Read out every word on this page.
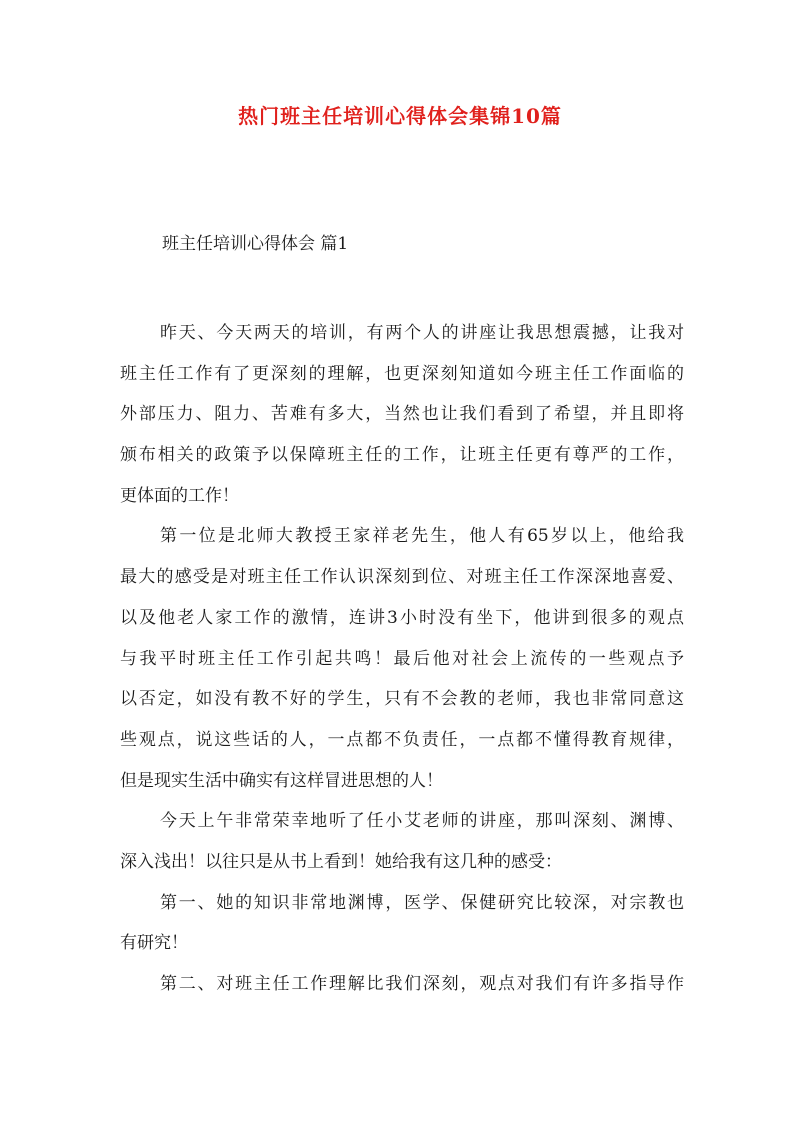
热门班主任培训心得体会集锦10篇
班主任培训心得体会 篇1
昨天、今天两天的培训，有两个人的讲座让我思想震撼，让我对
班主任工作有了更深刻的理解，也更深刻知道如今班主任工作面临的
外部压力、阻力、苦难有多大，当然也让我们看到了希望，并且即将
颁布相关的政策予以保障班主任的工作，让班主任更有尊严的工作，
更体面的工作！
第一位是北师大教授王家祥老先生，他人有65岁以上，他给我
最大的感受是对班主任工作认识深刻到位、对班主任工作深深地喜爱、
以及他老人家工作的激情，连讲3小时没有坐下，他讲到很多的观点
与我平时班主任工作引起共鸣！最后他对社会上流传的一些观点予
以否定，如没有教不好的学生，只有不会教的老师，我也非常同意这
些观点，说这些话的人，一点都不负责任，一点都不懂得教育规律，
但是现实生活中确实有这样冒进思想的人！
今天上午非常荣幸地听了任小艾老师的讲座，那叫深刻、渊博、
深入浅出！以往只是从书上看到！她给我有这几种的感受：
第一、她的知识非常地渊博，医学、保健研究比较深，对宗教也
有研究！
第二、对班主任工作理解比我们深刻，观点对我们有许多指导作
